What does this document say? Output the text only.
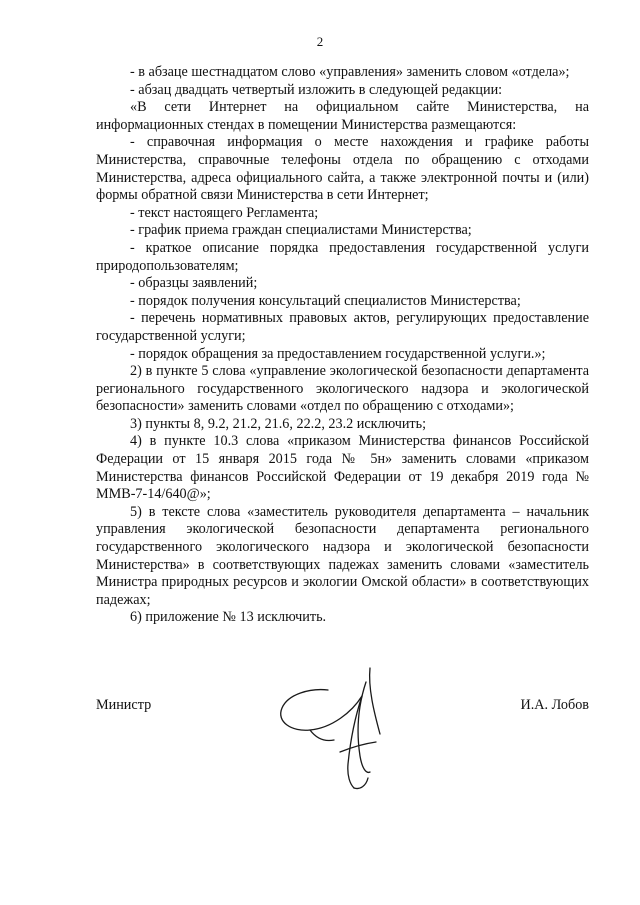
2

- в абзаце шестнадцатом слово «управления» заменить словом «отдела»;

- абзац двадцать четвертый изложить в следующей редакции:

«В сети Интернет на официальном сайте Министерства, на информационных стендах в помещении Министерства размещаются:

- справочная информация о месте нахождения и графике работы Министерства, справочные телефоны отдела по обращению с отходами Министерства, адреса официального сайта, а также электронной почты и (или) формы обратной связи Министерства в сети Интернет;

- текст настоящего Регламента;

- график приема граждан специалистами Министерства;

- краткое описание порядка предоставления государственной услуги природопользователям;

- образцы заявлений;

- порядок получения консультаций специалистов Министерства;

- перечень нормативных правовых актов, регулирующих предоставление государственной услуги;

- порядок обращения за предоставлением государственной услуги.»;

2) в пункте 5 слова «управление экологической безопасности департамента регионального государственного экологического надзора и экологической безопасности» заменить словами «отдел по обращению с отходами»;

3) пункты 8, 9.2, 21.2, 21.6, 22.2, 23.2 исключить;

4) в пункте 10.3 слова «приказом Министерства финансов Российской Федерации от 15 января 2015 года № 5н» заменить словами «приказом Министерства финансов Российской Федерации от 19 декабря 2019 года № ММВ-7-14/640@»;

5) в тексте слова «заместитель руководителя департамента – начальник управления экологической безопасности департамента регионального государственного экологического надзора и экологической безопасности Министерства» в соответствующих падежах заменить словами «заместитель Министра природных ресурсов и экологии Омской области» в соответствующих падежах;

6) приложение № 13 исключить.

Министр	И.А. Лобов
